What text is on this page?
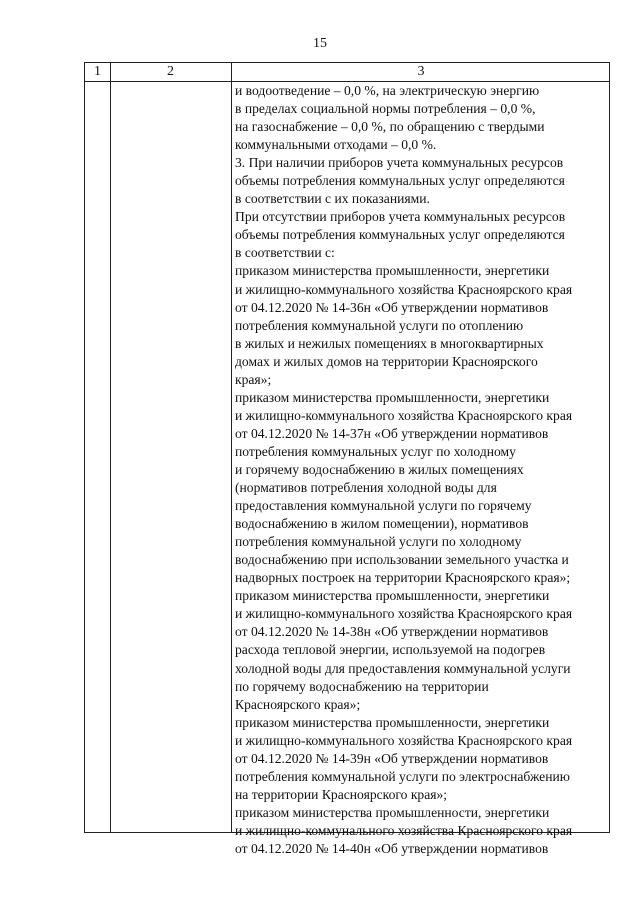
15
1	2	3
и водоотведение – 0,0 %, на электрическую энергию
в пределах социальной нормы потребления – 0,0 %,
на газоснабжение – 0,0 %, по обращению с твердыми
коммунальными отходами – 0,0 %.
3. При наличии приборов учета коммунальных ресурсов
объемы потребления коммунальных услуг определяются
в соответствии с их показаниями.
При отсутствии приборов учета коммунальных ресурсов
объемы потребления коммунальных услуг определяются
в соответствии с:
приказом министерства промышленности, энергетики
и жилищно-коммунального хозяйства Красноярского края
от 04.12.2020 № 14-36н «Об утверждении нормативов
потребления коммунальной услуги по отоплению
в жилых и нежилых помещениях в многоквартирных
домах и жилых домов на территории Красноярского
края»;
приказом министерства промышленности, энергетики
и жилищно-коммунального хозяйства Красноярского края
от 04.12.2020 № 14-37н «Об утверждении нормативов
потребления коммунальных услуг по холодному
и горячему водоснабжению в жилых помещениях
(нормативов потребления холодной воды для
предоставления коммунальной услуги по горячему
водоснабжению в жилом помещении), нормативов
потребления коммунальной услуги по холодному
водоснабжению при использовании земельного участка и
надворных построек на территории Красноярского края»;
приказом министерства промышленности, энергетики
и жилищно-коммунального хозяйства Красноярского края
от 04.12.2020 № 14-38н «Об утверждении нормативов
расхода тепловой энергии, используемой на подогрев
холодной воды для предоставления коммунальной услуги
по горячему водоснабжению на территории
Красноярского края»;
приказом министерства промышленности, энергетики
и жилищно-коммунального хозяйства Красноярского края
от 04.12.2020 № 14-39н «Об утверждении нормативов
потребления коммунальной услуги по электроснабжению
на территории Красноярского края»;
приказом министерства промышленности, энергетики
и жилищно-коммунального хозяйства Красноярского края
от 04.12.2020 № 14-40н «Об утверждении нормативов
